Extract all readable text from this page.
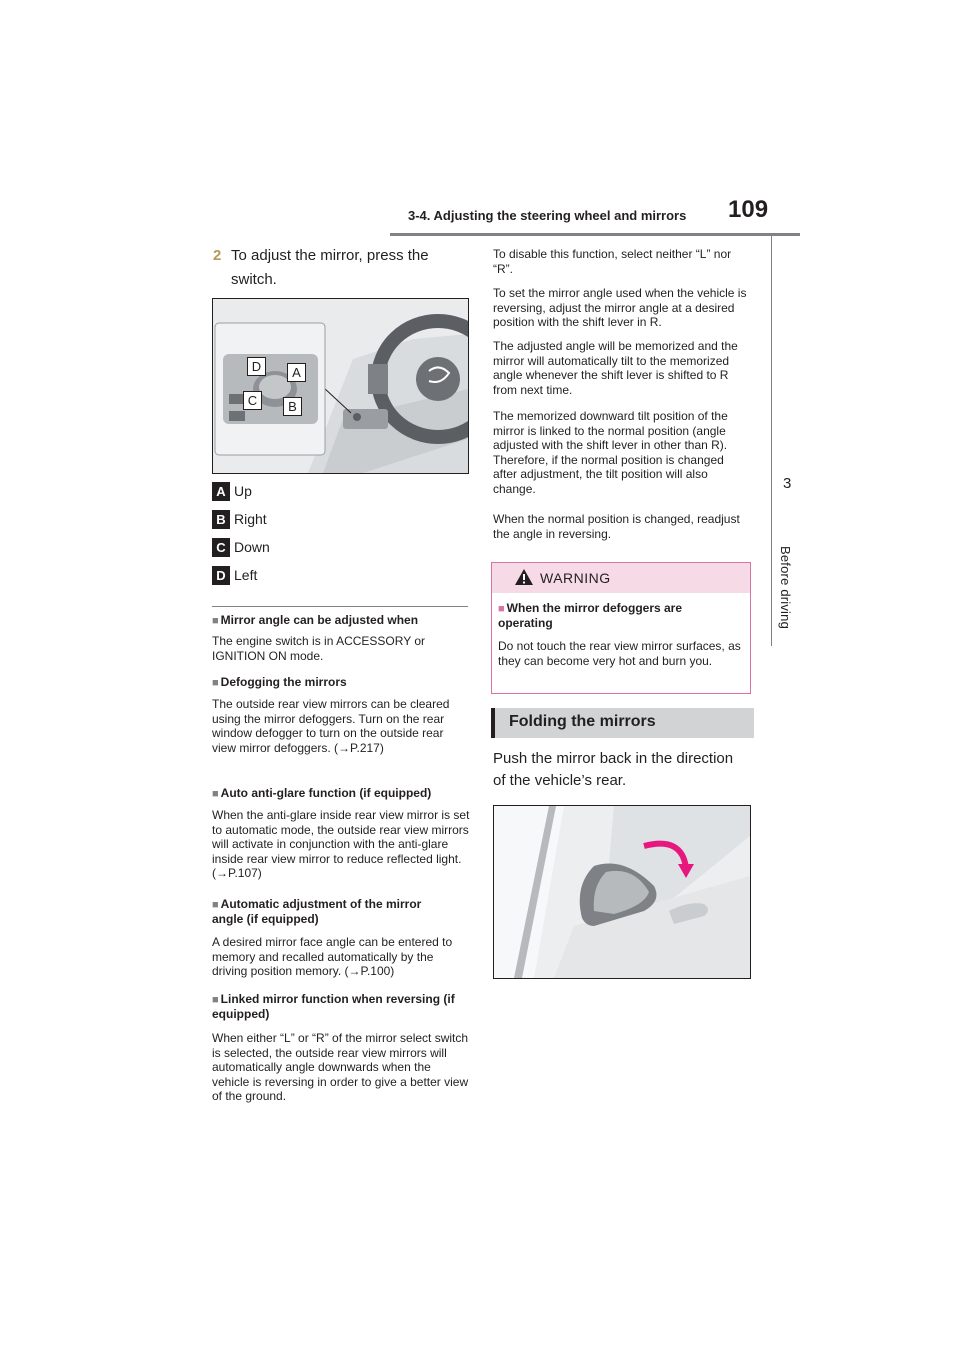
3-4. Adjusting the steering wheel and mirrors 109
3
Before driving
2 To adjust the mirror, press the switch.
D	A
C	B
A Up
B Right
C Down
D Left
■ Mirror angle can be adjusted when
The engine switch is in ACCESSORY or IGNITION ON mode.
■ Defogging the mirrors
The outside rear view mirrors can be cleared using the mirror defoggers. Turn on the rear window defogger to turn on the outside rear view mirror defoggers. (→P.217)
■ Auto anti-glare function (if equipped)
When the anti-glare inside rear view mirror is set to automatic mode, the outside rear view mirrors will activate in conjunction with the anti-glare inside rear view mirror to reduce reflected light. (→P.107)
■ Automatic adjustment of the mirror angle (if equipped)
A desired mirror face angle can be entered to memory and recalled automatically by the driving position memory. (→P.100)
■ Linked mirror function when reversing (if equipped)
When either “L” or “R” of the mirror select switch is selected, the outside rear view mirrors will automatically angle downwards when the vehicle is reversing in order to give a better view of the ground.
To disable this function, select neither “L” nor “R”.
To set the mirror angle used when the vehicle is reversing, adjust the mirror angle at a desired position with the shift lever in R.
The adjusted angle will be memorized and the mirror will automatically tilt to the memorized angle whenever the shift lever is shifted to R from next time.
The memorized downward tilt position of the mirror is linked to the normal position (angle adjusted with the shift lever in other than R). Therefore, if the normal position is changed after adjustment, the tilt position will also change.
When the normal position is changed, readjust the angle in reversing.
WARNING
■ When the mirror defoggers are operating
Do not touch the rear view mirror surfaces, as they can become very hot and burn you.
Folding the mirrors
Push the mirror back in the direction of the vehicle’s rear.
